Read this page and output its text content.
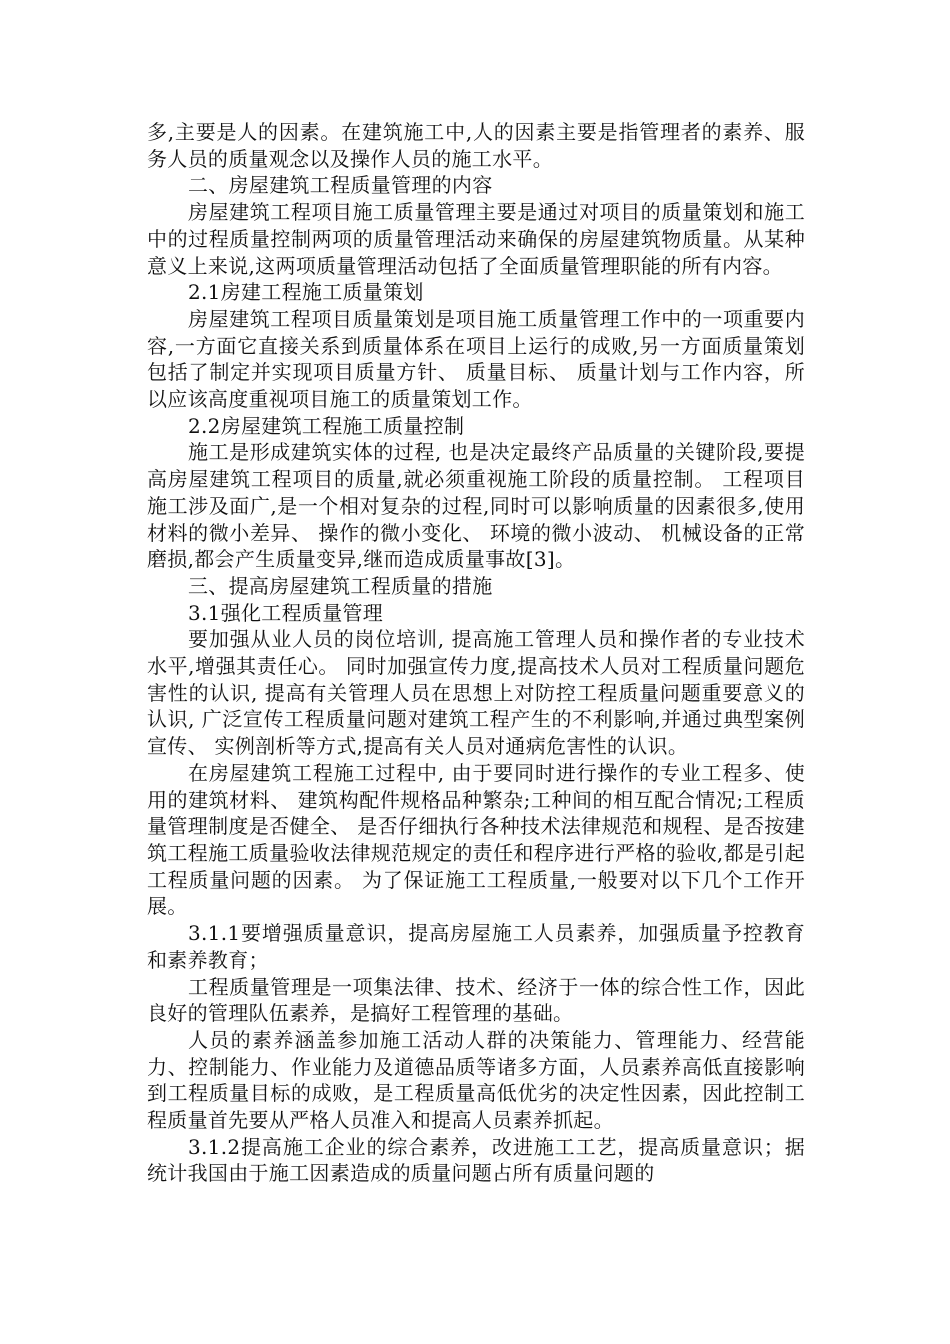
多,主要是人的因素。在建筑施工中,人的因素主要是指管理者的素养、服务人员的质量观念以及操作人员的施工水平。

二、房屋建筑工程质量管理的内容

房屋建筑工程项目施工质量管理主要是通过对项目的质量策划和施工中的过程质量控制两项的质量管理活动来确保的房屋建筑物质量。从某种意义上来说,这两项质量管理活动包括了全面质量管理职能的所有内容。

2.1房建工程施工质量策划

房屋建筑工程项目质量策划是项目施工质量管理工作中的一项重要内容,一方面它直接关系到质量体系在项目上运行的成败,另一方面质量策划包括了制定并实现项目质量方针、 质量目标、 质量计划与工作内容，所以应该高度重视项目施工的质量策划工作。

2.2房屋建筑工程施工质量控制

施工是形成建筑实体的过程, 也是决定最终产品质量的关键阶段,要提高房屋建筑工程项目的质量,就必须重视施工阶段的质量控制。 工程项目施工涉及面广,是一个相对复杂的过程,同时可以影响质量的因素很多,使用材料的微小差异、 操作的微小变化、 环境的微小波动、 机械设备的正常磨损,都会产生质量变异,继而造成质量事故[3]。

三、提高房屋建筑工程质量的措施

3.1强化工程质量管理

要加强从业人员的岗位培训, 提高施工管理人员和操作者的专业技术水平,增强其责任心。 同时加强宣传力度,提高技术人员对工程质量问题危害性的认识, 提高有关管理人员在思想上对防控工程质量问题重要意义的认识, 广泛宣传工程质量问题对建筑工程产生的不利影响,并通过典型案例宣传、 实例剖析等方式,提高有关人员对通病危害性的认识。

在房屋建筑工程施工过程中, 由于要同时进行操作的专业工程多、使用的建筑材料、 建筑构配件规格品种繁杂;工种间的相互配合情况;工程质量管理制度是否健全、 是否仔细执行各种技术法律规范和规程、是否按建筑工程施工质量验收法律规范规定的责任和程序进行严格的验收,都是引起工程质量问题的因素。 为了保证施工工程质量,一般要对以下几个工作开展。

3.1.1要增强质量意识，提高房屋施工人员素养，加强质量予控教育和素养教育；

工程质量管理是一项集法律、技术、经济于一体的综合性工作，因此良好的管理队伍素养，是搞好工程管理的基础。

人员的素养涵盖参加施工活动人群的决策能力、管理能力、经营能力、控制能力、作业能力及道德品质等诸多方面，人员素养高低直接影响到工程质量目标的成败，是工程质量高低优劣的决定性因素，因此控制工程质量首先要从严格人员准入和提高人员素养抓起。

3.1.2提高施工企业的综合素养，改进施工工艺，提高质量意识；据统计我国由于施工因素造成的质量问题占所有质量问题的
